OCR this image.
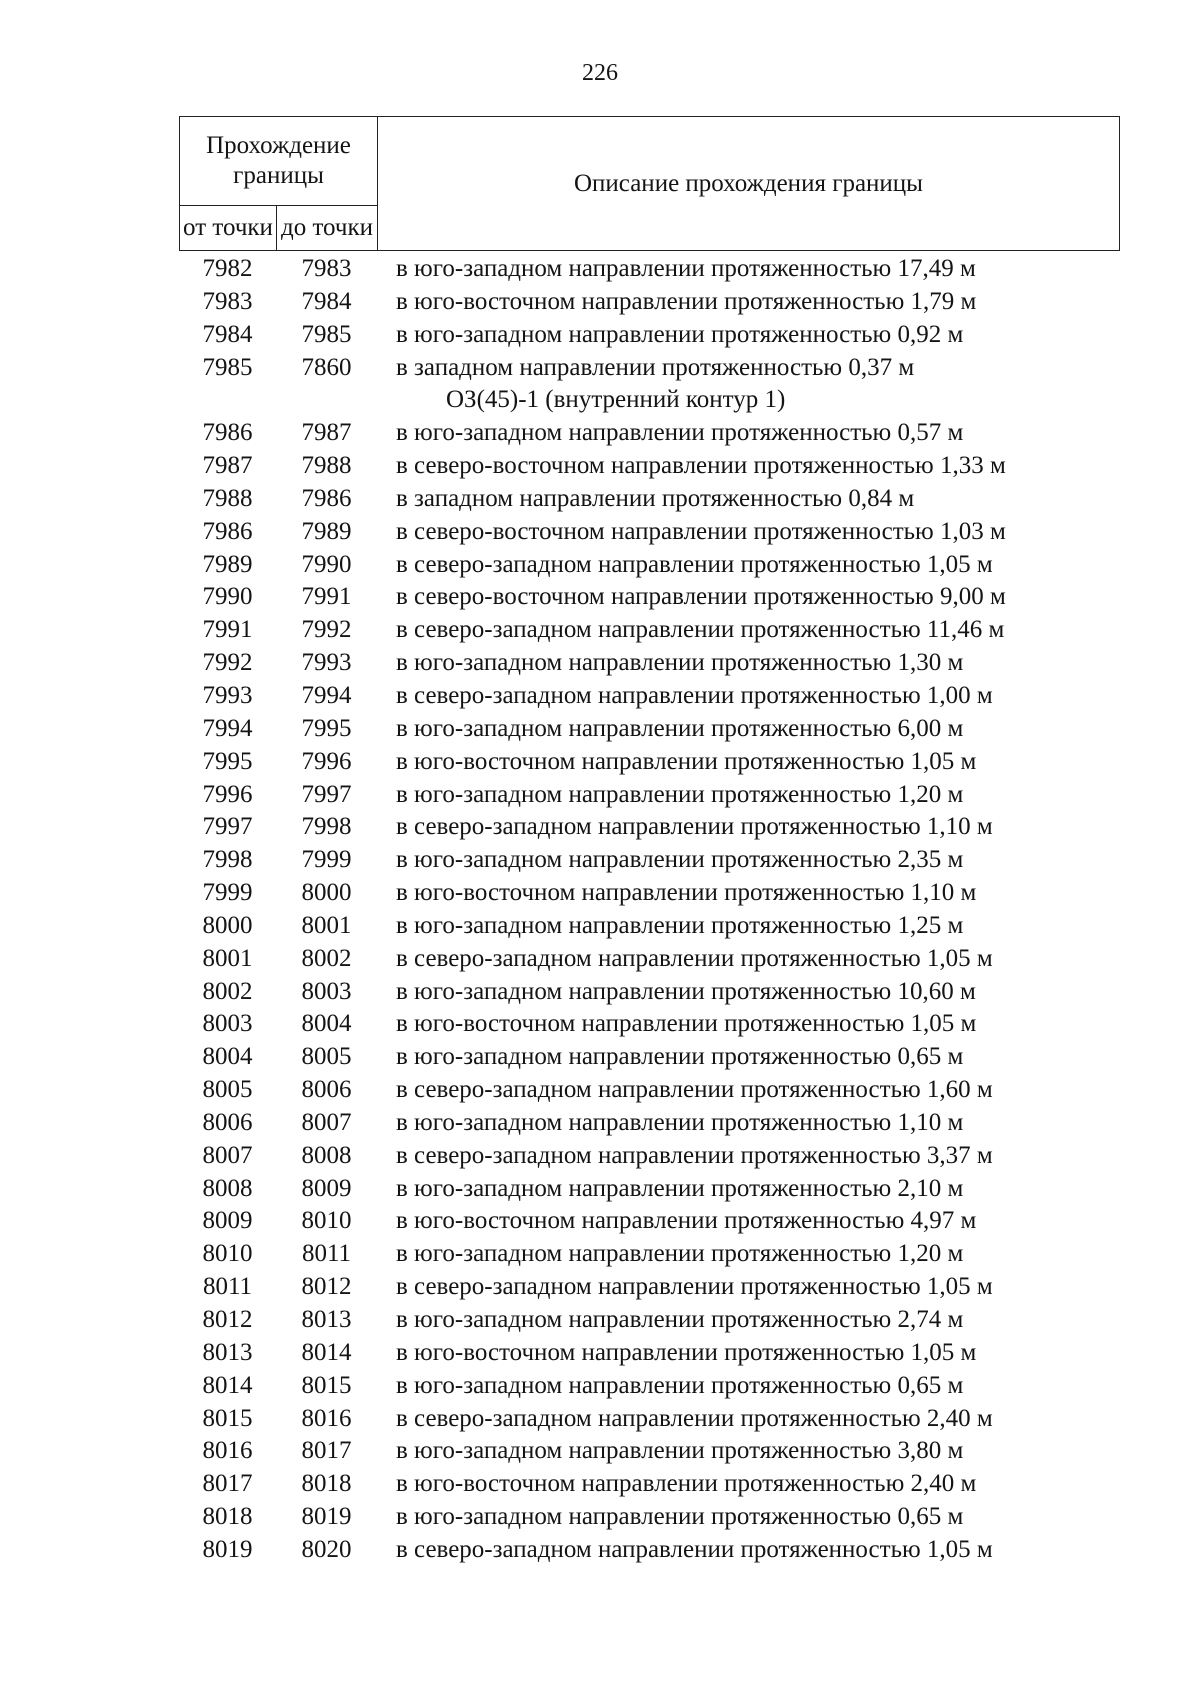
226
Прохождение границы		Описание прохождения границы
от точки	до точки	
7982	7983	в юго-западном направлении протяженностью 17,49 м
7983	7984	в юго-восточном направлении протяженностью 1,79 м
7984	7985	в юго-западном направлении протяженностью 0,92 м
7985	7860	в западном направлении протяженностью 0,37 м
ОЗ(45)-1 (внутренний контур 1)
7986	7987	в юго-западном направлении протяженностью 0,57 м
7987	7988	в северо-восточном направлении протяженностью 1,33 м
7988	7986	в западном направлении протяженностью 0,84 м
7986	7989	в северо-восточном направлении протяженностью 1,03 м
7989	7990	в северо-западном направлении протяженностью 1,05 м
7990	7991	в северо-восточном направлении протяженностью 9,00 м
7991	7992	в северо-западном направлении протяженностью 11,46 м
7992	7993	в юго-западном направлении протяженностью 1,30 м
7993	7994	в северо-западном направлении протяженностью 1,00 м
7994	7995	в юго-западном направлении протяженностью 6,00 м
7995	7996	в юго-восточном направлении протяженностью 1,05 м
7996	7997	в юго-западном направлении протяженностью 1,20 м
7997	7998	в северо-западном направлении протяженностью 1,10 м
7998	7999	в юго-западном направлении протяженностью 2,35 м
7999	8000	в юго-восточном направлении протяженностью 1,10 м
8000	8001	в юго-западном направлении протяженностью 1,25 м
8001	8002	в северо-западном направлении протяженностью 1,05 м
8002	8003	в юго-западном направлении протяженностью 10,60 м
8003	8004	в юго-восточном направлении протяженностью 1,05 м
8004	8005	в юго-западном направлении протяженностью 0,65 м
8005	8006	в северо-западном направлении протяженностью 1,60 м
8006	8007	в юго-западном направлении протяженностью 1,10 м
8007	8008	в северо-западном направлении протяженностью 3,37 м
8008	8009	в юго-западном направлении протяженностью 2,10 м
8009	8010	в юго-восточном направлении протяженностью 4,97 м
8010	8011	в юго-западном направлении протяженностью 1,20 м
8011	8012	в северо-западном направлении протяженностью 1,05 м
8012	8013	в юго-западном направлении протяженностью 2,74 м
8013	8014	в юго-восточном направлении протяженностью 1,05 м
8014	8015	в юго-западном направлении протяженностью 0,65 м
8015	8016	в северо-западном направлении протяженностью 2,40 м
8016	8017	в юго-западном направлении протяженностью 3,80 м
8017	8018	в юго-восточном направлении протяженностью 2,40 м
8018	8019	в юго-западном направлении протяженностью 0,65 м
8019	8020	в северо-западном направлении протяженностью 1,05 м
